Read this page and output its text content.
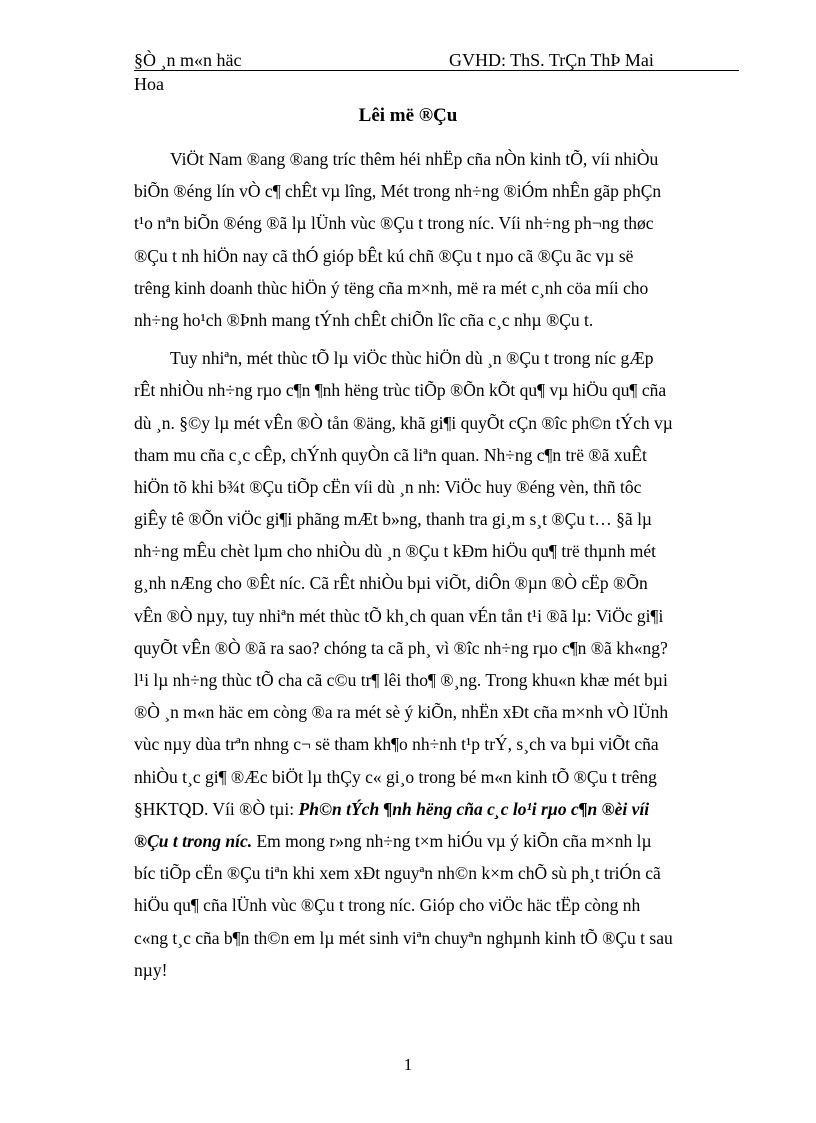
§Ò ¸n m«n häc	GVHD: ThS. TrÇn ThÞ Mai
Hoa
Lêi më ®Çu
ViÖt Nam ®ang ®ang tríc thêm héi nhËp cña nÒn kinh tÕ, víi nhiÒu
biÕn ®éng lín vÒ c¶ chÊt vµ lîng, Mét trong nh÷ng ®iÓm nhÊn gãp phÇn
t¹o nªn biÕn ®éng ®ã lµ lÜnh vùc ®Çu t trong níc. Víi nh÷ng ph¬ng thøc
®Çu t nh hiÖn nay cã thÓ gióp bÊt kú chñ ®Çu t nµo cã ®Çu ãc vµ së
trêng kinh doanh thùc hiÖn ý tëng cña m×nh, më ra mét c¸nh cöa míi cho
nh÷ng ho¹ch ®Þnh mang tÝnh chÊt chiÕn lîc cña c¸c nhµ ®Çu t.
Tuy nhiªn, mét thùc tÕ lµ viÖc thùc hiÖn dù ¸n ®Çu t trong níc gÆp
rÊt nhiÒu nh÷ng rµo c¶n ¶nh hëng trùc tiÕp ®Õn kÕt qu¶ vµ hiÖu qu¶ cña
dù ¸n. §©y lµ mét vÊn ®Ò tån ®äng, khã gi¶i quyÕt cÇn ®îc ph©n tÝch vµ
tham mu cña c¸c cÊp, chÝnh quyÒn cã liªn quan. Nh÷ng c¶n trë ®ã xuÊt
hiÖn tõ khi b¾t ®Çu tiÕp cËn víi dù ¸n nh: ViÖc huy ®éng vèn, thñ tôc
giÊy tê ®Õn viÖc gi¶i phãng mÆt b»ng, thanh tra gi¸m s¸t ®Çu t… §ã lµ
nh÷ng mÊu chèt lµm cho nhiÒu dù ¸n ®Çu t kÐm hiÖu qu¶ trë thµnh mét
g¸nh nÆng cho ®Êt níc. Cã rÊt nhiÒu bµi viÕt, diÔn ®µn ®Ò cËp ®Õn
vÊn ®Ò nµy, tuy nhiªn mét thùc tÕ kh¸ch quan vÉn tån t¹i ®ã lµ: ViÖc gi¶i
quyÕt vÊn ®Ò ®ã ra sao? chóng ta cã ph¸ vì ®îc nh÷ng rµo c¶n ®ã kh«ng?
l¹i lµ nh÷ng thùc tÕ cha cã c©u tr¶ lêi tho¶ ®¸ng. Trong khu«n khæ mét bµi
®Ò ¸n m«n häc em còng ®a ra mét sè ý kiÕn, nhËn xÐt cña m×nh vÒ lÜnh
vùc nµy dùa trªn nhng c¬ së tham kh¶o nh÷nh t¹p trÝ, s¸ch va bµi viÕt cña
nhiÒu t¸c gi¶ ®Æc biÖt lµ thÇy c« gi¸o trong bé m«n kinh tÕ ®Çu t trêng
§HKTQD. Víi ®Ò tµi: Ph©n tÝch ¶nh hëng cña c¸c lo¹i rµo c¶n ®èi víi
®Çu t trong níc. Em mong r»ng nh÷ng t×m hiÓu vµ ý kiÕn cña m×nh lµ
bíc tiÕp cËn ®Çu tiªn khi xem xÐt nguyªn nh©n k×m chÕ sù ph¸t triÓn cã
hiÖu qu¶ cña lÜnh vùc ®Çu t trong níc. Gióp cho viÖc häc tËp còng nh
c«ng t¸c cña b¶n th©n em lµ mét sinh viªn chuyªn nghµnh kinh tÕ ®Çu t sau
nµy!
1
